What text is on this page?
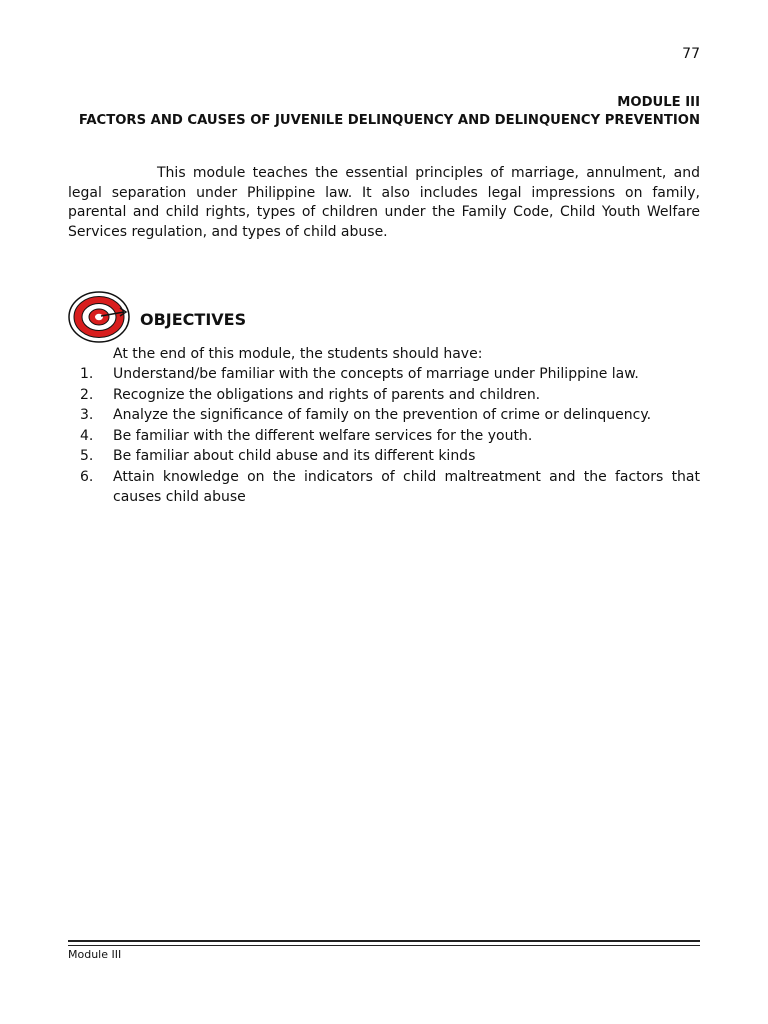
77
MODULE III
FACTORS AND CAUSES OF JUVENILE DELINQUENCY AND DELINQUENCY PREVENTION

This module teaches the essential principles of marriage, annulment, and legal separation under Philippine law. It also includes legal impressions on family, parental and child rights, types of children under the Family Code, Child Youth Welfare Services regulation, and types of child abuse.

OBJECTIVES
At the end of this module, the students should have:
1. Understand/be familiar with the concepts of marriage under Philippine law.
2. Recognize the obligations and rights of parents and children.
3. Analyze the significance of family on the prevention of crime or delinquency.
4. Be familiar with the different welfare services for the youth.
5. Be familiar about child abuse and its different kinds
6. Attain knowledge on the indicators of child maltreatment and the factors that causes child abuse
Module III
